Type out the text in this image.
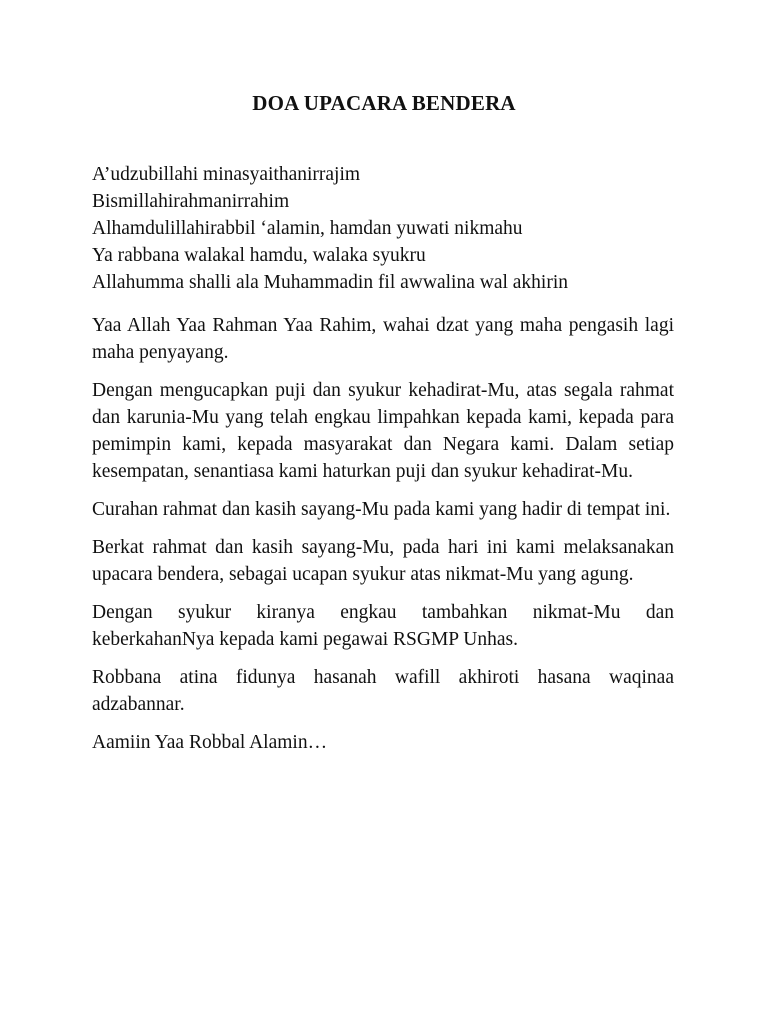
DOA UPACARA BENDERA
A’udzubillahi minasyaithanirrajim
Bismillahirahmanirrahim
Alhamdulillahirabbil ‘alamin, hamdan yuwati nikmahu
Ya rabbana walakal hamdu, walaka syukru
Allahumma shalli ala Muhammadin fil awwalina wal akhirin

Yaa Allah Yaa Rahman Yaa Rahim, wahai dzat yang maha pengasih lagi maha penyayang.

Dengan mengucapkan puji dan syukur kehadirat-Mu, atas segala rahmat dan karunia-Mu yang telah engkau limpahkan kepada kami, kepada para pemimpin kami, kepada masyarakat dan Negara kami. Dalam setiap kesempatan, senantiasa kami haturkan puji dan syukur kehadirat-Mu.

Curahan rahmat dan kasih sayang-Mu pada kami yang hadir di tempat ini.

Berkat rahmat dan kasih sayang-Mu, pada hari ini kami melaksanakan upacara bendera, sebagai ucapan syukur atas nikmat-Mu yang agung.

Dengan syukur kiranya engkau tambahkan nikmat-Mu dan keberkahanNya kepada kami pegawai RSGMP Unhas.

Robbana atina fidunya hasanah wafill akhiroti hasana waqinaa adzabannar.

Aamiin Yaa Robbal Alamin…
